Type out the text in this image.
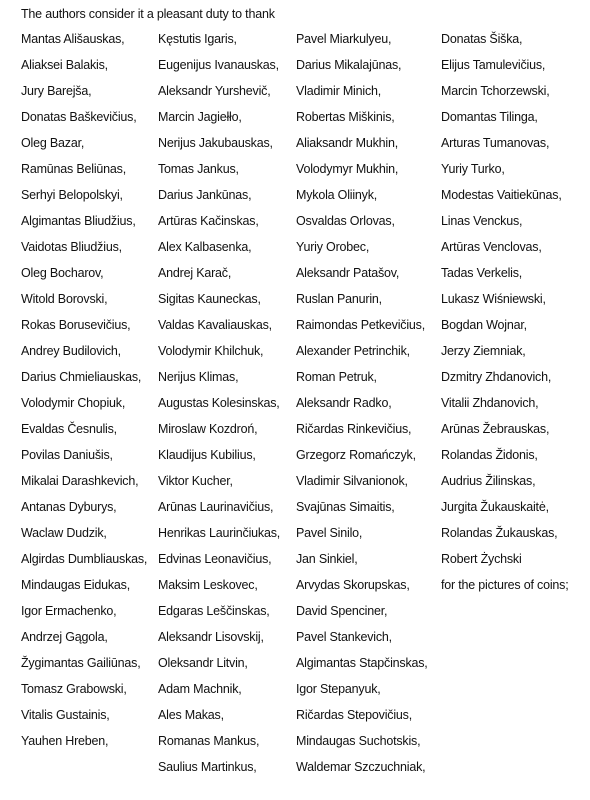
The authors consider it a pleasant duty to thank
Mantas Ališauskas,
Aliaksei Balakis,
Jury Barejša,
Donatas Baškevičius,
Oleg Bazar,
Ramūnas Beliūnas,
Serhyi Belopolskyi,
Algimantas Bliudžius,
Vaidotas Bliudžius,
Oleg Bocharov,
Witold Borovski,
Rokas Borusevičius,
Andrey Budilovich,
Darius Chmieliauskas,
Volodymir Chopiuk,
Evaldas Česnulis,
Povilas Daniušis,
Mikalai Darashkevich,
Antanas Dyburys,
Waclaw Dudzik,
Algirdas Dumbliauskas,
Mindaugas Eidukas,
Igor Ermachenko,
Andrzej Gągola,
Žygimantas Gailiūnas,
Tomasz Grabowski,
Vitalis Gustainis,
Yauhen Hreben,
Kęstutis Igaris,
Eugenijus Ivanauskas,
Aleksandr Yurshevič,
Marcin Jagiełło,
Nerijus Jakubauskas,
Tomas Jankus,
Darius Jankūnas,
Artūras Kačinskas,
Alex Kalbasenka,
Andrej Karač,
Sigitas Kauneckas,
Valdas Kavaliauskas,
Volodymir Khilchuk,
Nerijus Klimas,
Augustas Kolesinskas,
Miroslaw Kozdroń,
Klaudijus Kubilius,
Viktor Kucher,
Arūnas Laurinavičius,
Henrikas Laurinčiukas,
Edvinas Leonavičius,
Maksim Leskovec,
Edgaras Leščinskas,
Aleksandr Lisovskij,
Oleksandr Litvin,
Adam Machnik,
Ales Makas,
Romanas Mankus,
Saulius Martinkus,
Pavel Miarkulyeu,
Darius Mikalajūnas,
Vladimir Minich,
Robertas Miškinis,
Aliaksandr Mukhin,
Volodymyr Mukhin,
Mykola Oliinyk,
Osvaldas Orlovas,
Yuriy Orobec,
Aleksandr Patašov,
Ruslan Panurin,
Raimondas Petkevičius,
Alexander Petrinchik,
Roman Petruk,
Aleksandr Radko,
Ričardas Rinkevičius,
Grzegorz Romańczyk,
Vladimir Silvanionok,
Svajūnas Simaitis,
Pavel Sinilo,
Jan Sinkiel,
Arvydas Skorupskas,
David Spenciner,
Pavel Stankevich,
Algimantas Stapčinskas,
Igor Stepanyuk,
Ričardas Stepovičius,
Mindaugas Suchotskis,
Waldemar Szczuchniak,
Donatas Šiška,
Elijus Tamulevičius,
Marcin Tchorzewski,
Domantas Tilinga,
Arturas Tumanovas,
Yuriy Turko,
Modestas Vaitiekūnas,
Linas Venckus,
Artūras Venclovas,
Tadas Verkelis,
Lukasz Wiśniewski,
Bogdan Wojnar,
Jerzy Ziemniak,
Dzmitry Zhdanovich,
Vitalii Zhdanovich,
Arūnas Žebrauskas,
Rolandas Židonis,
Audrius Žilinskas,
Jurgita Žukauskaitė,
Rolandas Žukauskas,
Robert Żychski
for the pictures of coins;
